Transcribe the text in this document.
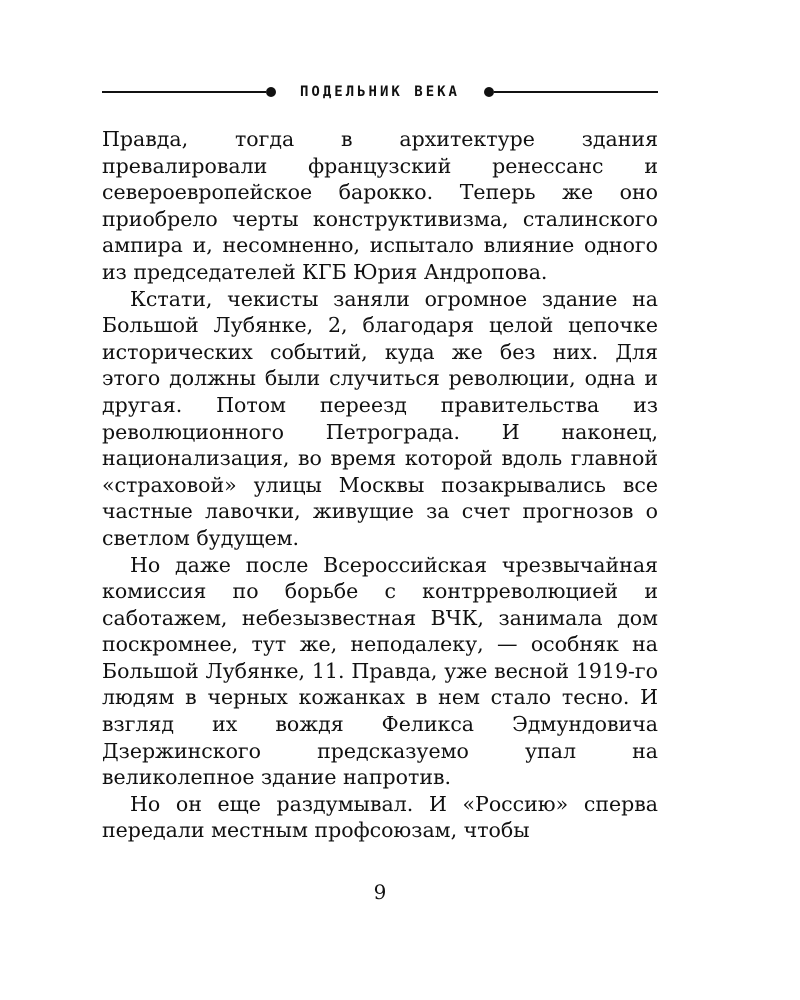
ПОДЕЛЬНИК ВЕКА

Правда, тогда в архитектуре здания превалировали французский ренессанс и североевропейское барокко. Теперь же оно приобрело черты конструктивизма, сталинского ампира и, несомненно, испытало влияние одного из председателей КГБ Юрия Андропова.

Кстати, чекисты заняли огромное здание на Большой Лубянке, 2, благодаря целой цепочке исторических событий, куда же без них. Для этого должны были случиться революции, одна и другая. Потом переезд правительства из революционного Петрограда. И наконец, национализация, во время которой вдоль главной «страховой» улицы Москвы позакрывались все частные лавочки, живущие за счет прогнозов о светлом будущем.

Но даже после Всероссийская чрезвычайная комиссия по борьбе с контрреволюцией и саботажем, небезызвестная ВЧК, занимала дом поскромнее, тут же, неподалеку, — особняк на Большой Лубянке, 11. Правда, уже весной 1919-го людям в черных кожанках в нем стало тесно. И взгляд их вождя Феликса Эдмундовича Дзержинского предсказуемо упал на великолепное здание напротив.

Но он еще раздумывал. И «Россию» сперва передали местным профсоюзам, чтобы

9
